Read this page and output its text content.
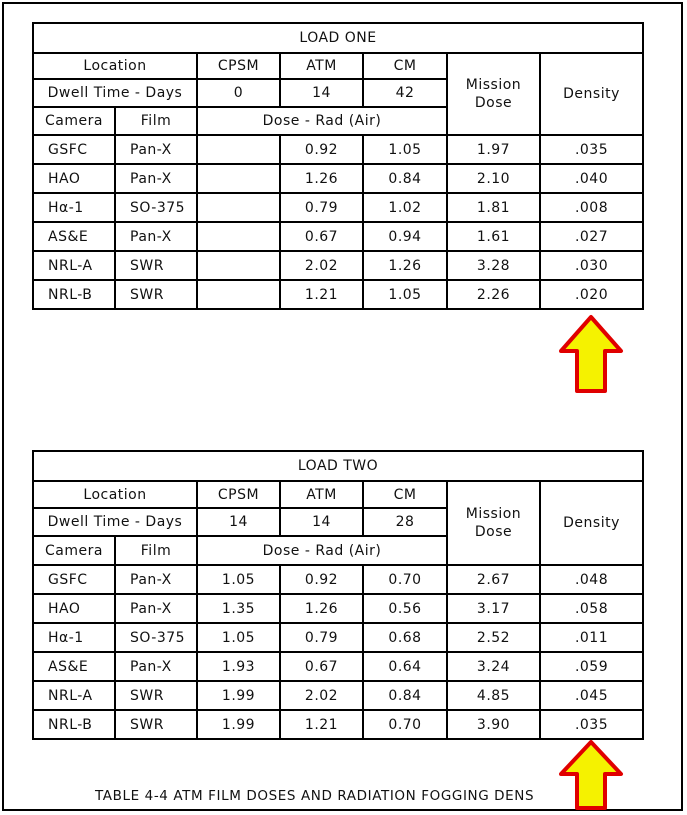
LOAD ONE						
Location		CPSM	ATM	CM	Mission Dose	Density
Dwell Time - Days		0	14	42		
Camera	Film	Dose - Rad (Air)				
GSFC	Pan-X		0.92	1.05	1.97	.035
HAO	Pan-X		1.26	0.84	2.10	.040
Hα-1	SO-375		0.79	1.02	1.81	.008
AS&E	Pan-X		0.67	0.94	1.61	.027
NRL-A	SWR		2.02	1.26	3.28	.030
NRL-B	SWR		1.21	1.05	2.26	.020
LOAD TWO						
Location		CPSM	ATM	CM	Mission Dose	Density
Dwell Time - Days		14	14	28		
Camera	Film	Dose - Rad (Air)				
GSFC	Pan-X	1.05	0.92	0.70	2.67	.048
HAO	Pan-X	1.35	1.26	0.56	3.17	.058
Hα-1	SO-375	1.05	0.79	0.68	2.52	.011
AS&E	Pan-X	1.93	0.67	0.64	3.24	.059
NRL-A	SWR	1.99	2.02	0.84	4.85	.045
NRL-B	SWR	1.99	1.21	0.70	3.90	.035
TABLE 4-4 ATM FILM DOSES AND RADIATION FOGGING DENS
